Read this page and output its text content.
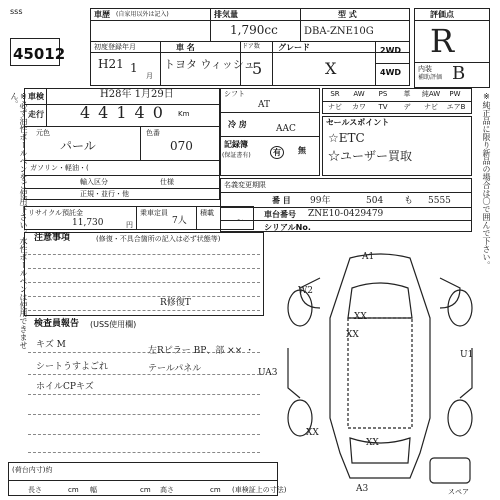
sss
45012
車歴 (自家用以外は記入)	排気量
1,790cc
型 式
DBA-ZNE10G
初度登録年月
H21 1
月
車 名
トヨタ ウィッシュ
ドア数
5
グレード
X
2WD
4WD
評価点
R
内装
補助評価 B
※必ず油性ボールペンをご使用下さい。水性ボールペンは使用できません。	※純正品に限り新品の場合は〇で囲んで下さい。
車検	H28年 1月29日
走行 44140 Km
元色	色番
パール	070
ガソリン・軽油・(
輸入区分	仕様
正規・並行・他
リサイクル預託金
11,730	円
乗車定員
7人
積載
~
シフト
AT
冷 房	AAC
記録簿
(保証書有)	有	無
SR	AW	PS	革	純AW	PW
ナビ	カワ	TV	デ	ナビ	エアB
セールスポイント
☆ETC
☆ユーザー買取
名義変更期限
番 目 99年	504 も 5555
車台番号 ZNE10-0429479
シリアルNo.
注意事項	(修復・不具合箇所の記入は必ず状態等)
R修復T
検査員報告 (USS使用欄)
キズ M
シートうすよごれ
ホイルCPキズ
左Rピラー BP、部 ×× ・テールパネル
A1
W2
XX
XX
U1
UA3
XX
XX
A3	スペア
(荷台内寸)約
長さ	cm 幅	cm 高さ	cm (車検証上の寸法)
